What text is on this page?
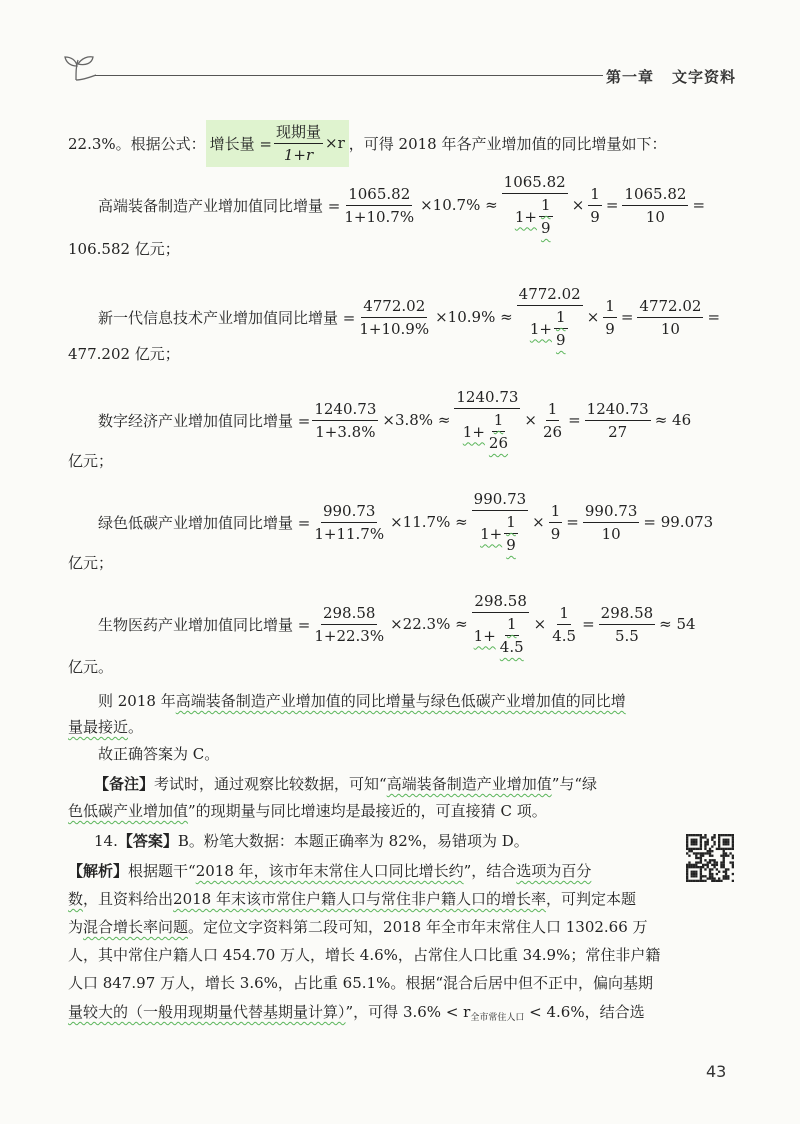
第一章 文字资料
22.3%。根据公式： 增长量 = $\frac{\text{现期量}}{1+r} \times r$ ，可得 2018 年各产业增加值的同比增量如下：
高端装备制造产业增加值同比增量 = $\frac{1065.82}{1+10.7\%} \times 10.7\% \approx \frac{1065.82}{1+ \frac{1}{9}} \times \frac{1}{9} = \frac{1065.82}{10}$ =
106.582 亿元；
新一代信息技术产业增加值同比增量 = $\frac{4772.02}{1+10.9\%} \times 10.9\% \approx \frac{4772.02}{1+ \frac{1}{9}} \times \frac{1}{9} = \frac{4772.02}{10}$ =
477.202 亿元；
数字经济产业增加值同比增量 = $\frac{1240.73}{1+3.8\%} \times 3.8\% \approx \frac{1240.73}{1+ \frac{1}{26}} \times \frac{1}{26} = \frac{1240.73}{27} \approx 46$
亿元；
绿色低碳产业增加值同比增量 = $\frac{990.73}{1+11.7\%} \times 11.7\% \approx \frac{990.73}{1+ \frac{1}{9}} \times \frac{1}{9} = \frac{990.73}{10} = 99.073$
亿元；
生物医药产业增加值同比增量 = $\frac{298.58}{1+22.3\%} \times 22.3\% \approx \frac{298.58}{1+ \frac{1}{4.5}} \times \frac{1}{4.5} = \frac{298.58}{5.5} \approx 54$
亿元。
则 2018 年高端装备制造产业增加值的同比增量与绿色低碳产业增加值的同比增
量最接近。
故正确答案为 C。
【备注】考试时，通过观察比较数据，可知“高端装备制造产业增加值”与“绿
色低碳产业增加值”的现期量与同比增速均是最接近的，可直接猜 C 项。
14.【答案】B。粉笔大数据：本题正确率为 82%，易错项为 D。
【解析】根据题干“2018 年，该市年末常住人口同比增长约”，结合选项为百分
数，且资料给出2018 年末该市常住户籍人口与常住非户籍人口的增长率，可判定本题
为混合增长率问题。定位文字资料第二段可知，2018 年全市年末常住人口 1302.66 万
人，其中常住户籍人口 454.70 万人，增长 4.6%，占常住人口比重 34.9%；常住非户籍
人口 847.97 万人，增长 3.6%，占比重 65.1%。根据“混合后居中但不正中，偏向基期
量较大的（一般用现期量代替基期量计算）”，可得 $3.6\% < r_{全市常住人口} < 4.6\%$，结合选
43
